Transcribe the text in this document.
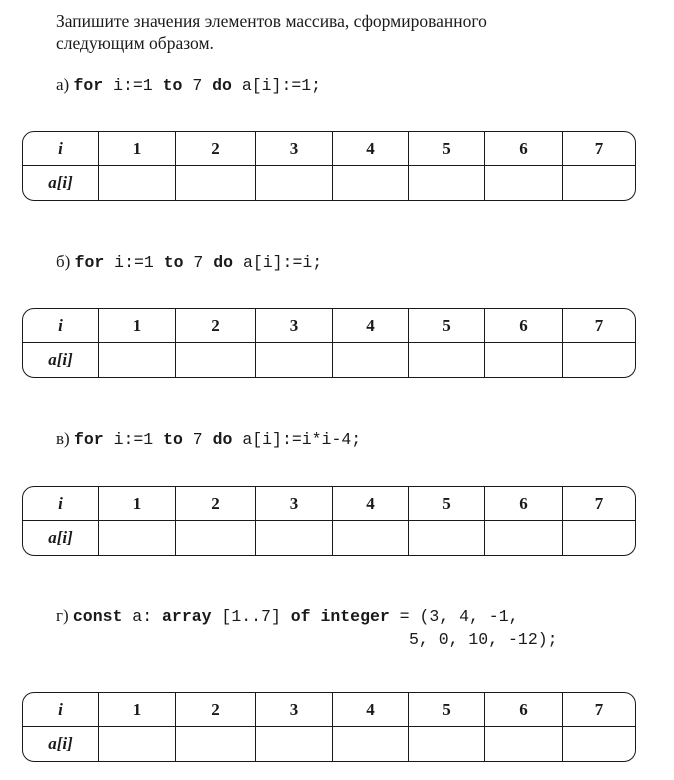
Запишите значения элементов массива, сформированного
следующим образом.
а) for i:=1 to 7 do a[i]:=1;
i	1	2	3	4	5	6	7
a[i]
б) for i:=1 to 7 do a[i]:=i;
i	1	2	3	4	5	6	7
a[i]
в) for i:=1 to 7 do a[i]:=i*i-4;
i	1	2	3	4	5	6	7
a[i]
г) const a: array [1..7] of integer = (3, 4, -1,
5, 0, 10, -12);
i	1	2	3	4	5	6	7
a[i]
